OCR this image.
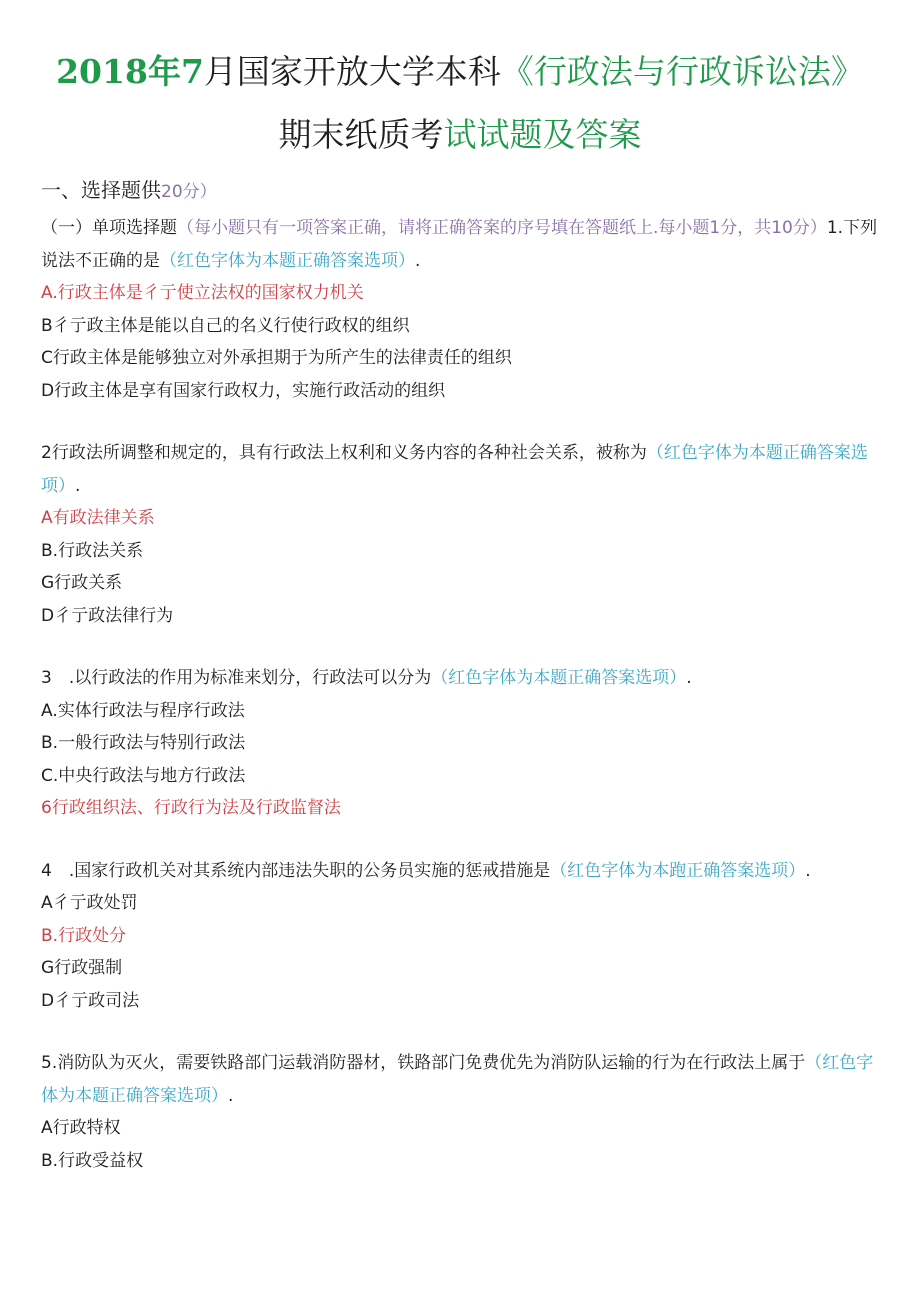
2018年7月国家开放大学本科《行政法与行政诉讼法》
期末纸质考试试题及答案
一、选择题供20分）
（一）单项选择题（每小题只有一项答案正确，请将正确答案的序号填在答题纸上.每小题1分，共10分）1.下列说法不正确的是（红色字体为本题正确答案选项）.
A.行政主体是彳亍使立法权的国家权力机关
B彳亍政主体是能以自己的名义行使行政权的组织
C行政主体是能够独立对外承担期于为所产生的法律责任的组织
D行政主体是享有国家行政权力，实施行政活动的组织
2行政法所调整和规定的，具有行政法上权利和义务内容的各种社会关系，被称为（红色字体为本题正确答案选项）.
A有政法律关系
B.行政法关系
G行政关系
D彳亍政法律行为
3　.以行政法的作用为标准来划分，行政法可以分为（红色字体为本题正确答案选项）.
A.实体行政法与程序行政法
B.一般行政法与特别行政法
C.中央行政法与地方行政法
6行政组织法、行政行为法及行政监督法
4　.国家行政机关对其系统内部违法失职的公务员实施的惩戒措施是（红色字体为本跑正确答案选项）.
A彳亍政处罚
B.行政处分
G行政强制
D彳亍政司法
5.消防队为灭火，需要铁路部门运载消防器材，铁路部门免费优先为消防队运输的行为在行政法上属于（红色字体为本题正确答案选项）.
A行政特权
B.行政受益权
